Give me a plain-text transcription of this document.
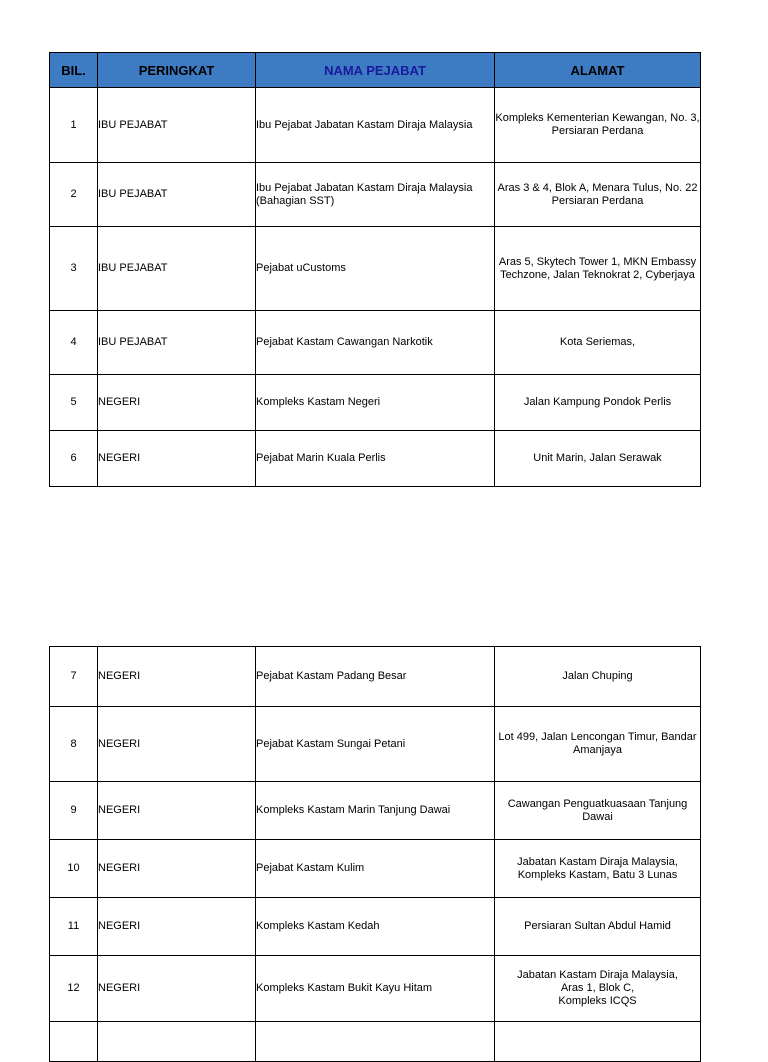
BIL.	PERINGKAT	NAMA PEJABAT	ALAMAT
1	IBU PEJABAT	Ibu Pejabat Jabatan Kastam Diraja Malaysia	Kompleks Kementerian Kewangan, No. 3, Persiaran Perdana
2	IBU PEJABAT	Ibu Pejabat Jabatan Kastam Diraja Malaysia (Bahagian SST)	Aras 3 & 4, Blok A, Menara Tulus, No. 22 Persiaran Perdana
3	IBU PEJABAT	Pejabat uCustoms	Aras 5, Skytech Tower 1, MKN Embassy Techzone, Jalan Teknokrat 2, Cyberjaya
4	IBU PEJABAT	Pejabat Kastam Cawangan Narkotik	Kota Seriemas,
5	NEGERI	Kompleks Kastam Negeri	Jalan Kampung Pondok Perlis
6	NEGERI	Pejabat Marin Kuala Perlis	Unit Marin, Jalan Serawak
7	NEGERI	Pejabat Kastam Padang Besar	Jalan Chuping
8	NEGERI	Pejabat Kastam Sungai Petani	Lot 499, Jalan Lencongan Timur, Bandar Amanjaya
9	NEGERI	Kompleks Kastam Marin Tanjung Dawai	Cawangan Penguatkuasaan Tanjung Dawai
10	NEGERI	Pejabat Kastam Kulim	Jabatan Kastam Diraja Malaysia, Kompleks Kastam, Batu 3 Lunas
11	NEGERI	Kompleks Kastam Kedah	Persiaran Sultan Abdul Hamid
12	NEGERI	Kompleks Kastam Bukit Kayu Hitam	Jabatan Kastam Diraja Malaysia,
Aras 1, Blok C,
Kompleks ICQS
